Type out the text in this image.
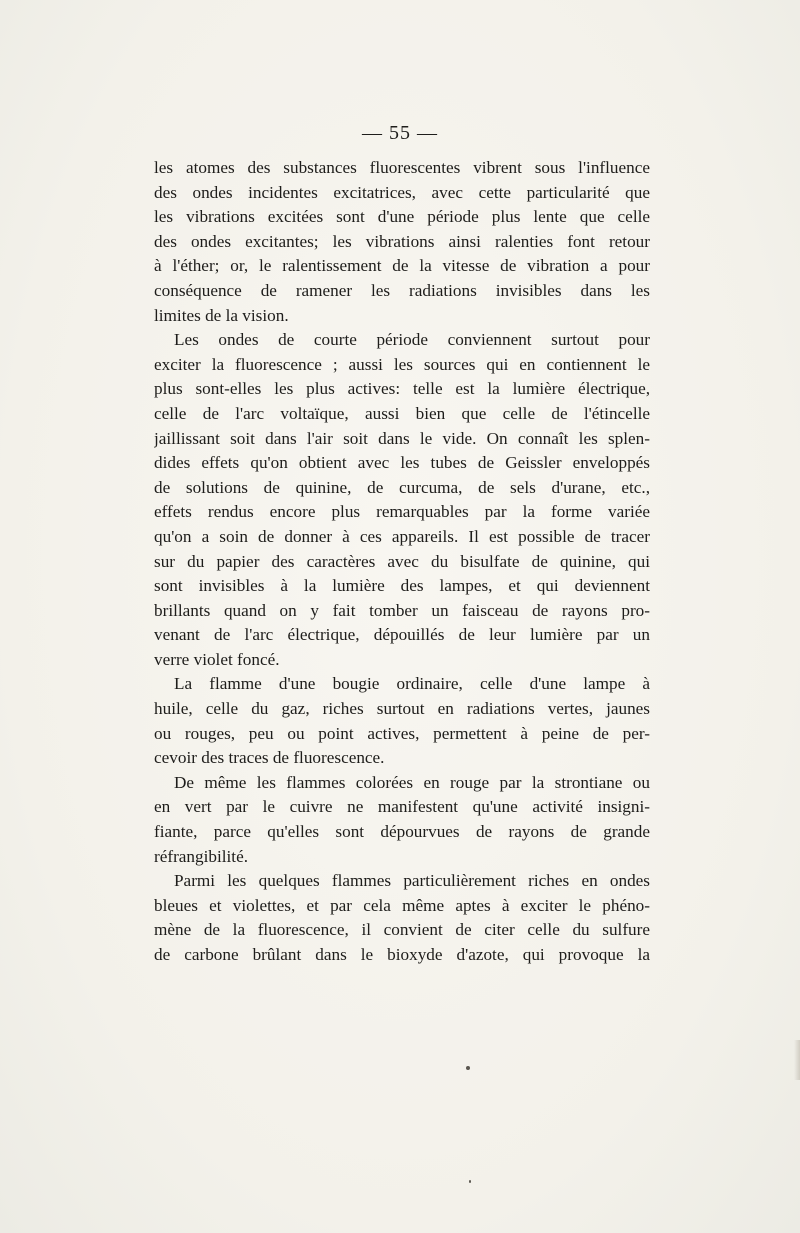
— 55 —
les atomes des substances fluorescentes vibrent sous l'influence
des ondes incidentes excitatrices, avec cette particularité que
les vibrations excitées sont d'une période plus lente que celle
des ondes excitantes; les vibrations ainsi ralenties font retour
à l'éther; or, le ralentissement de la vitesse de vibration a pour
conséquence de ramener les radiations invisibles dans les
limites de la vision.
Les ondes de courte période conviennent surtout pour
exciter la fluorescence ; aussi les sources qui en contiennent le
plus sont-elles les plus actives: telle est la lumière électrique,
celle de l'arc voltaïque, aussi bien que celle de l'étincelle
jaillissant soit dans l'air soit dans le vide. On connaît les splen-
dides effets qu'on obtient avec les tubes de Geissler enveloppés
de solutions de quinine, de curcuma, de sels d'urane, etc.,
effets rendus encore plus remarquables par la forme variée
qu'on a soin de donner à ces appareils. Il est possible de tracer
sur du papier des caractères avec du bisulfate de quinine, qui
sont invisibles à la lumière des lampes, et qui deviennent
brillants quand on y fait tomber un faisceau de rayons pro-
venant de l'arc électrique, dépouillés de leur lumière par un
verre violet foncé.
La flamme d'une bougie ordinaire, celle d'une lampe à
huile, celle du gaz, riches surtout en radiations vertes, jaunes
ou rouges, peu ou point actives, permettent à peine de per-
cevoir des traces de fluorescence.
De même les flammes colorées en rouge par la strontiane ou
en vert par le cuivre ne manifestent qu'une activité insigni-
fiante, parce qu'elles sont dépourvues de rayons de grande
réfrangibilité.
Parmi les quelques flammes particulièrement riches en ondes
bleues et violettes, et par cela même aptes à exciter le phéno-
mène de la fluorescence, il convient de citer celle du sulfure
de carbone brûlant dans le bioxyde d'azote, qui provoque la
